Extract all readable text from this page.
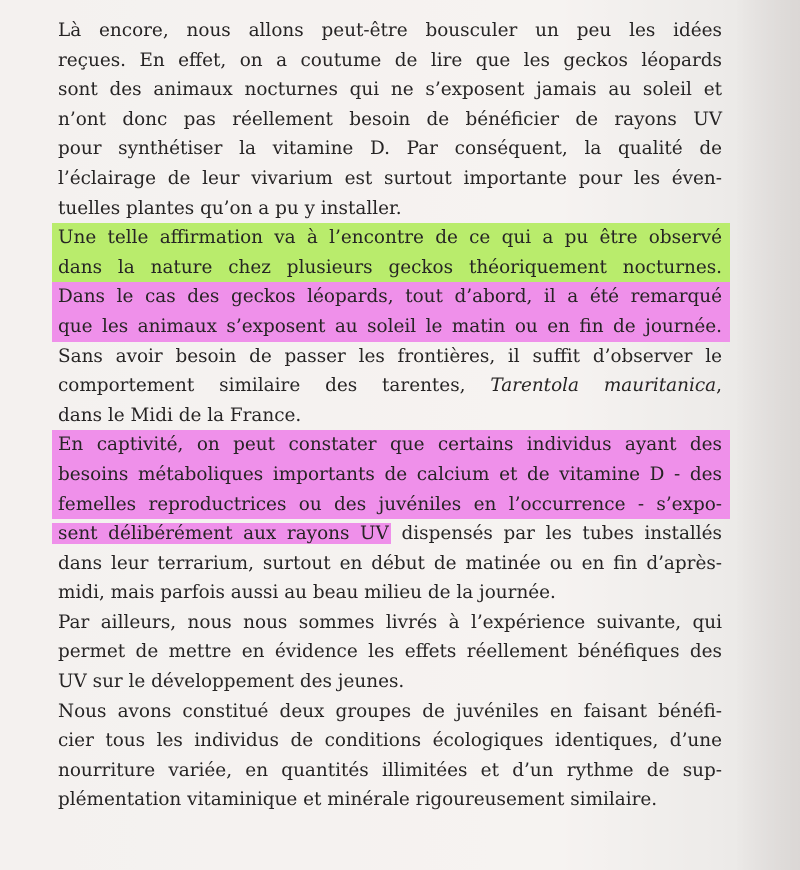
Là encore, nous allons peut-être bousculer un peu les idées
reçues. En effet, on a coutume de lire que les geckos léopards
sont des animaux nocturnes qui ne s’exposent jamais au soleil et
n’ont donc pas réellement besoin de bénéficier de rayons UV
pour synthétiser la vitamine D. Par conséquent, la qualité de
l’éclairage de leur vivarium est surtout importante pour les éven-
tuelles plantes qu’on a pu y installer.
Une telle affirmation va à l’encontre de ce qui a pu être observé
dans la nature chez plusieurs geckos théoriquement nocturnes.
Dans le cas des geckos léopards, tout d’abord, il a été remarqué
que les animaux s’exposent au soleil le matin ou en fin de journée.
Sans avoir besoin de passer les frontières, il suffit d’observer le
comportement similaire des tarentes, Tarentola mauritanica,
dans le Midi de la France.
En captivité, on peut constater que certains individus ayant des
besoins métaboliques importants de calcium et de vitamine D - des
femelles reproductrices ou des juvéniles en l’occurrence - s’expo-
sent délibérément aux rayons UV dispensés par les tubes installés
dans leur terrarium, surtout en début de matinée ou en fin d’après-
midi, mais parfois aussi au beau milieu de la journée.
Par ailleurs, nous nous sommes livrés à l’expérience suivante, qui
permet de mettre en évidence les effets réellement bénéfiques des
UV sur le développement des jeunes.
Nous avons constitué deux groupes de juvéniles en faisant bénéfi-
cier tous les individus de conditions écologiques identiques, d’une
nourriture variée, en quantités illimitées et d’un rythme de sup-
plémentation vitaminique et minérale rigoureusement similaire.
